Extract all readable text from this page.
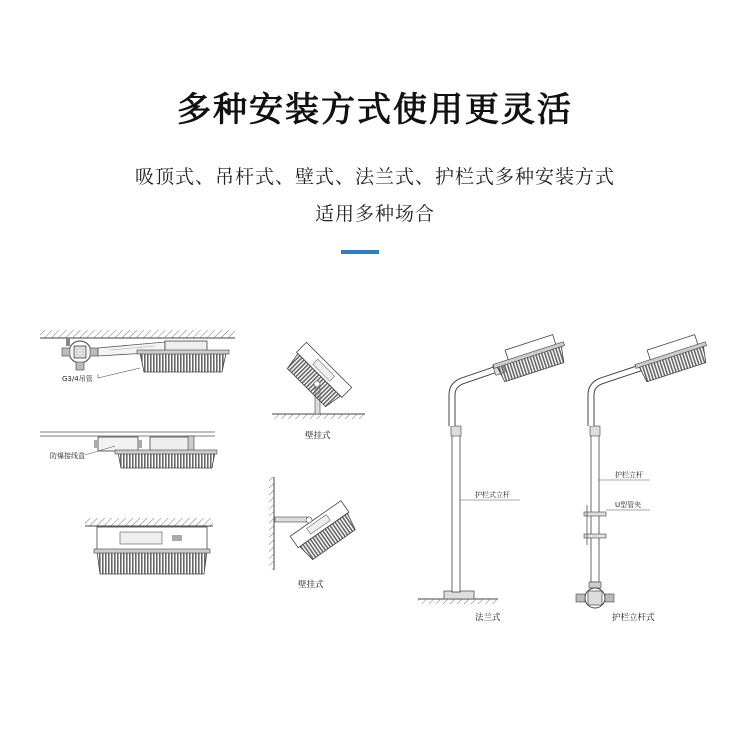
多种安装方式使用更灵活
吸顶式、吊杆式、壁式、法兰式、护栏式多种安装方式
适用多种场合
G3/4吊管
防爆接线盒
壁挂式
壁挂式
护栏式立杆
法兰式
护栏立杆
U型管夹
护栏立杆式
